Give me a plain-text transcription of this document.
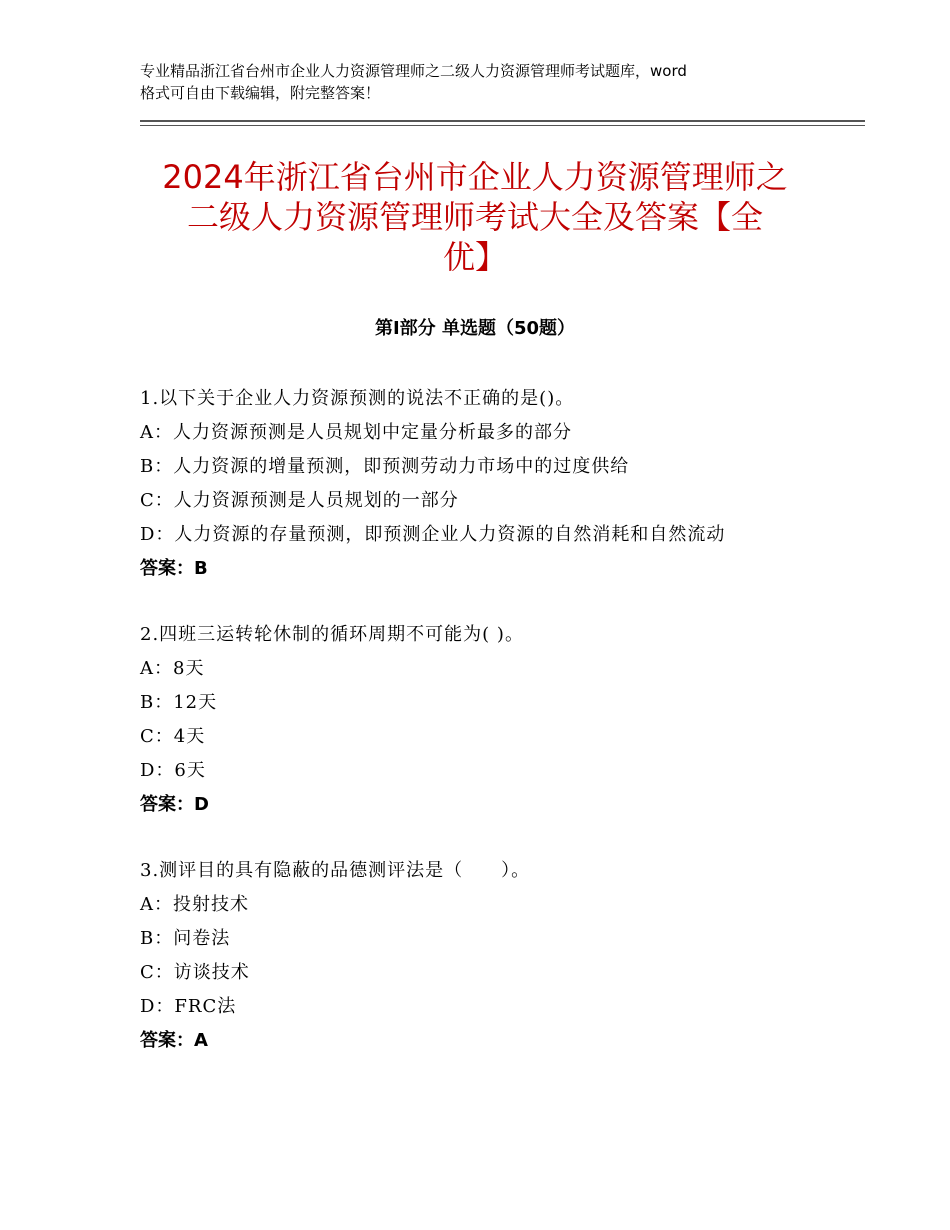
专业精品浙江省台州市企业人力资源管理师之二级人力资源管理师考试题库，word
格式可自由下载编辑，附完整答案！
2024年浙江省台州市企业人力资源管理师之
二级人力资源管理师考试大全及答案【全
优】
第Ⅰ部分 单选题（50题）
1.以下关于企业人力资源预测的说法不正确的是()。
A：人力资源预测是人员规划中定量分析最多的部分
B：人力资源的增量预测，即预测劳动力市场中的过度供给
C：人力资源预测是人员规划的一部分
D：人力资源的存量预测，即预测企业人力资源的自然消耗和自然流动
答案：B
2.四班三运转轮休制的循环周期不可能为( )。
A：8天
B：12天
C：4天
D：6天
答案：D
3.测评目的具有隐蔽的品德测评法是（　　）。
A：投射技术
B：问卷法
C：访谈技术
D：FRC法
答案：A
